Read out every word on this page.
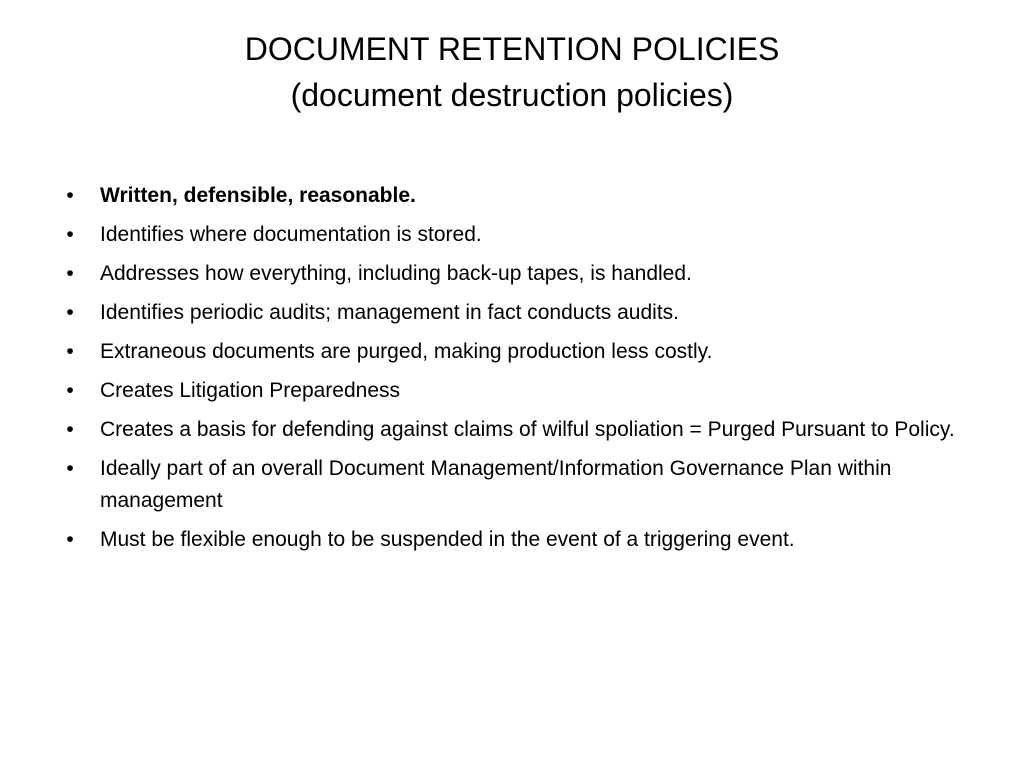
DOCUMENT RETENTION POLICIES
(document destruction policies)
•	Written, defensible, reasonable.
•	Identifies where documentation is stored.
•	Addresses how everything, including back-up tapes, is handled.
•	Identifies periodic audits; management in fact conducts audits.
•	Extraneous documents are purged, making production less costly.
•	Creates Litigation Preparedness
•	Creates a basis for defending against claims of wilful spoliation = Purged Pursuant to Policy.
•	Ideally part of an overall Document Management/Information Governance Plan within management
•	Must be flexible enough to be suspended in the event of a triggering event.
